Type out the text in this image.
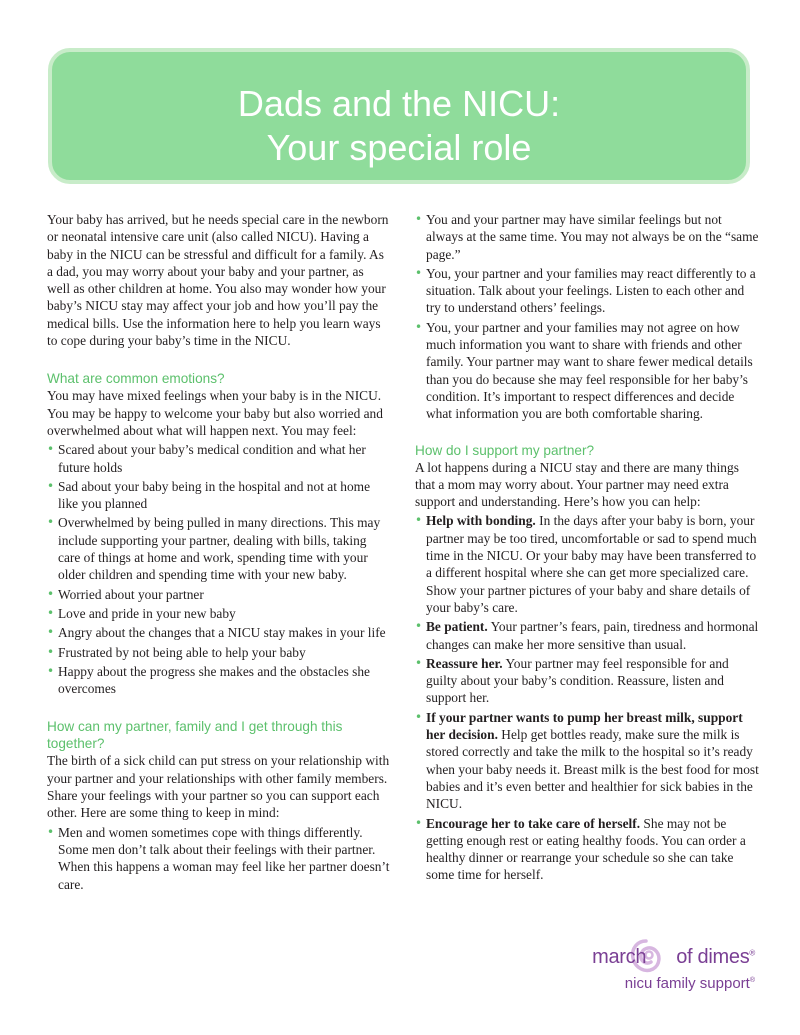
Dads and the NICU:
Your special role

Your baby has arrived, but he needs special care in the newborn or neonatal intensive care unit (also called NICU). Having a baby in the NICU can be stressful and difficult for a family. As a dad, you may worry about your baby and your partner, as well as other children at home. You also may wonder how your baby’s NICU stay may affect your job and how you’ll pay the medical bills. Use the information here to help you learn ways to cope during your baby’s time in the NICU.

What are common emotions?

You may have mixed feelings when your baby is in the NICU. You may be happy to welcome your baby but also worried and overwhelmed about what will happen next. You may feel:

• Scared about your baby’s medical condition and what her future holds
• Sad about your baby being in the hospital and not at home like you planned
• Overwhelmed by being pulled in many directions. This may include supporting your partner, dealing with bills, taking care of things at home and work, spending time with your older children and spending time with your new baby.
• Worried about your partner
• Love and pride in your new baby
• Angry about the changes that a NICU stay makes in your life
• Frustrated by not being able to help your baby
• Happy about the progress she makes and the obstacles she overcomes
How can my partner, family and I get through this together?

The birth of a sick child can put stress on your relationship with your partner and your relationships with other family members. Share your feelings with your partner so you can support each other. Here are some thing to keep in mind:

• Men and women sometimes cope with things differently. Some men don’t talk about their feelings with their partner. When this happens a woman may feel like her partner doesn’t care.
• You and your partner may have similar feelings but not always at the same time. You may not always be on the “same page.”
• You, your partner and your families may react differently to a situation. Talk about your feelings. Listen to each other and try to understand others’ feelings.
• You, your partner and your families may not agree on how much information you want to share with friends and other family. Your partner may want to share fewer medical details than you do because she may feel responsible for her baby’s condition. It’s important to respect differences and decide what information you are both comfortable sharing.
How do I support my partner?

A lot happens during a NICU stay and there are many things that a mom may worry about. Your partner may need extra support and understanding. Here’s how you can help:

• Help with bonding. In the days after your baby is born, your partner may be too tired, uncomfortable or sad to spend much time in the NICU. Or your baby may have been transferred to a different hospital where she can get more specialized care. Show your partner pictures of your baby and share details of your baby’s care.
• Be patient. Your partner’s fears, pain, tiredness and hormonal changes can make her more sensitive than usual.
• Reassure her. Your partner may feel responsible for and guilty about your baby’s condition. Reassure, listen and support her.
• If your partner wants to pump her breast milk, support her decision. Help get bottles ready, make sure the milk is stored correctly and take the milk to the hospital so it’s ready when your baby needs it. Breast milk is the best food for most babies and it’s even better and healthier for sick babies in the NICU.
• Encourage her to take care of herself. She may not be getting enough rest or eating healthy foods. You can order a healthy dinner or rearrange your schedule so she can take some time for herself.
march of dimes®
nicu family support®
